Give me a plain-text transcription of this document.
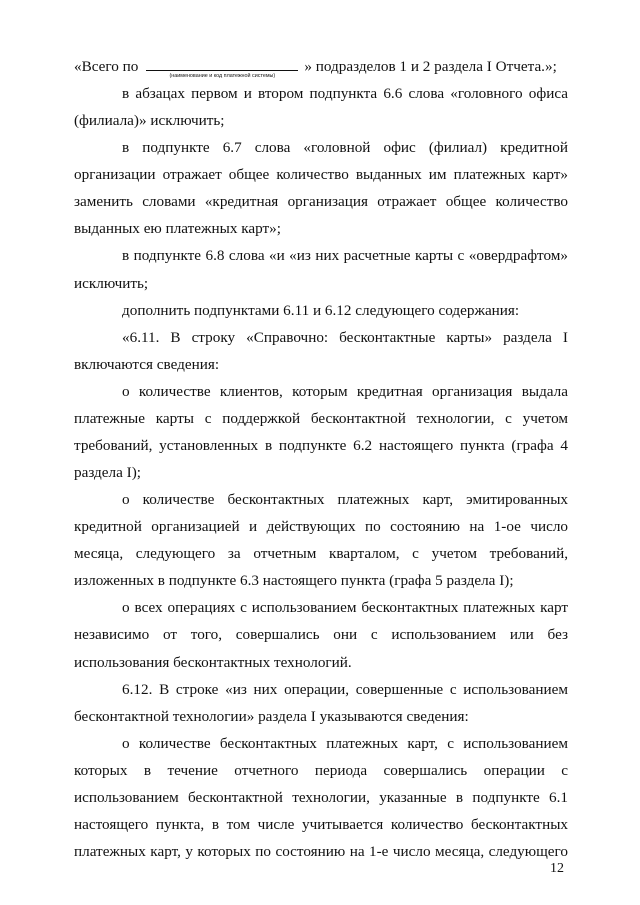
«Всего по
(наименование и код платежной системы)
» подразделов 1 и 2 раздела I Отчета.»;
в абзацах первом и втором подпункта 6.6 слова «головного офиса
(филиала)» исключить;
в подпункте 6.7 слова «головной офис (филиал) кредитной
организации отражает общее количество выданных им платежных карт»
заменить словами «кредитная организация отражает общее количество
выданных ею платежных карт»;
в подпункте 6.8 слова «и «из них расчетные карты с «овердрафтом»
исключить;
дополнить подпунктами 6.11 и 6.12 следующего содержания:
«6.11. В строку «Справочно: бесконтактные карты» раздела I
включаются сведения:
о количестве клиентов, которым кредитная организация выдала
платежные карты с поддержкой бесконтактной технологии, с учетом
требований, установленных в подпункте 6.2 настоящего пункта (графа 4
раздела I);
о количестве бесконтактных платежных карт, эмитированных
кредитной организацией и действующих по состоянию на 1-ое число
месяца, следующего за отчетным кварталом, с учетом требований,
изложенных в подпункте 6.3 настоящего пункта (графа 5 раздела I);
о всех операциях с использованием бесконтактных платежных карт
независимо от того, совершались они с использованием или без
использования бесконтактных технологий.
6.12. В строке «из них операции, совершенные с использованием
бесконтактной технологии» раздела I указываются сведения:
о количестве бесконтактных платежных карт, с использованием
которых в течение отчетного периода совершались операции с
использованием бесконтактной технологии, указанные в подпункте 6.1
настоящего пункта, в том числе учитывается количество бесконтактных
платежных карт, у которых по состоянию на 1-е число месяца, следующего
12
